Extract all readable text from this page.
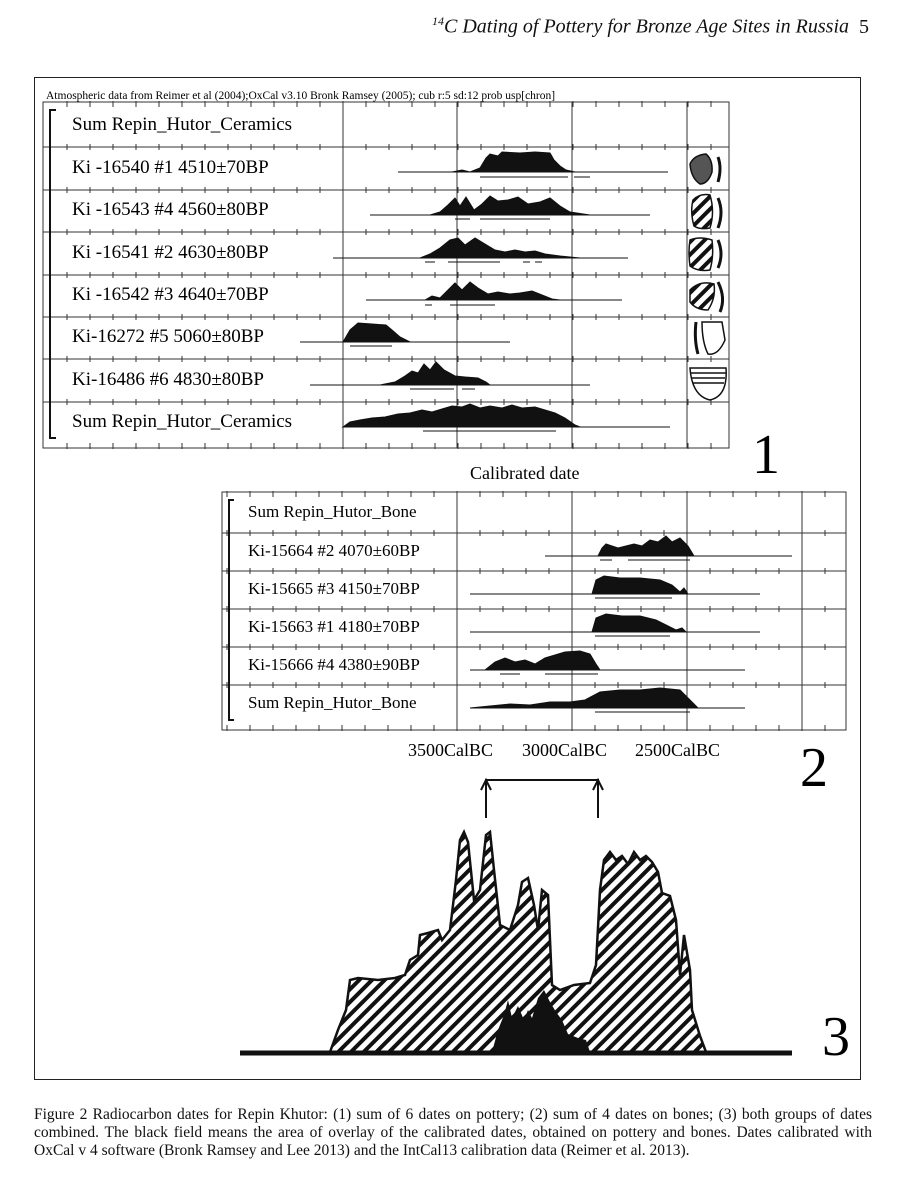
$^{14}$C Dating of Pottery for Bronze Age Sites in Russia 5
Atmospheric data from Reimer et al (2004);OxCal v3.10 Bronk Ramsey (2005); cub r:5 sd:12 prob usp[chron]
Sum Repin_Hutor_Ceramics
Ki -16540 #1 4510±70BP
Ki -16543 #4 4560±80BP
Ki -16541 #2 4630±80BP
Ki -16542 #3 4640±70BP
Ki-16272 #5 5060±80BP
Ki-16486 #6 4830±80BP
Sum Repin_Hutor_Ceramics
Calibrated date	1
Sum Repin_Hutor_Bone
Ki-15664 #2 4070±60BP
Ki-15665 #3 4150±70BP
Ki-15663 #1 4180±70BP
Ki-15666 #4 4380±90BP
Sum Repin_Hutor_Bone
3500CalBC 3000CalBC 2500CalBC 2
3
Figure 2 Radiocarbon dates for Repin Khutor: (1) sum of 6 dates on pottery; (2) sum of 4 dates on bones; (3) both groups of dates combined. The black field means the area of overlay of the calibrated dates, obtained on pottery and bones. Dates calibrated with OxCal v 4 software (Bronk Ramsey and Lee 2013) and the IntCal13 calibration data (Reimer et al. 2013).
